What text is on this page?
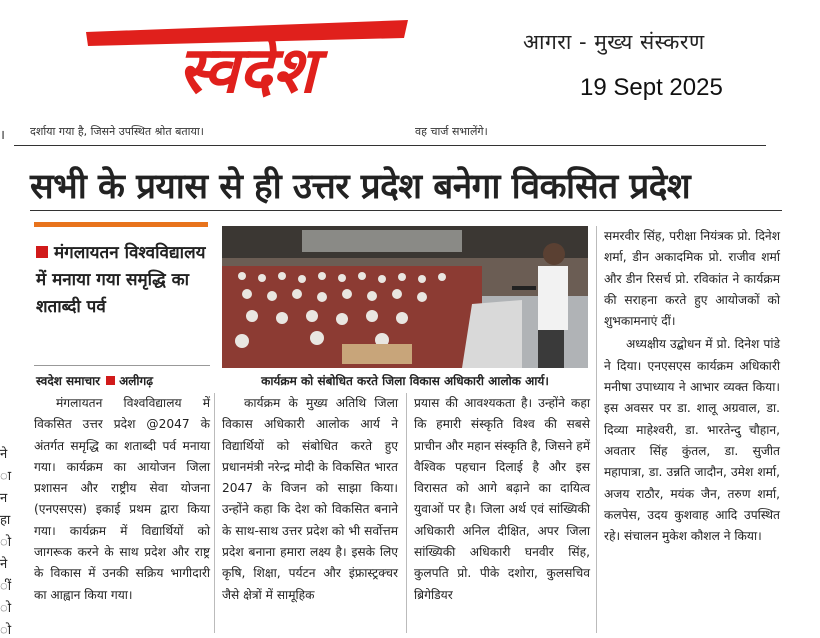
स्वदेश	आगरा - मुख्य संस्करण
19 Sept 2025
दर्शाया गया है, जिसने उपस्थित श्रोत बताया।	वह चार्ज सभालेंगे।
सभी के प्रयास से ही उत्तर प्रदेश बनेगा विकसित प्रदेश
मंगलायतन विश्वविद्यालय में मनाया गया समृद्धि का शताब्दी पर्व
स्वदेश समाचार अलीगढ़	कार्यक्रम को संबोधित करते जिला विकास अधिकारी आलोक आर्य।

मंगलायतन विश्वविद्यालय में विकसित उत्तर प्रदेश @2047 के अंतर्गत समृद्धि का शताब्दी पर्व मनाया गया। कार्यक्रम का आयोजन जिला प्रशासन और राष्ट्रीय सेवा योजना (एनएसएस) इकाई प्रथम द्वारा किया गया। कार्यक्रम में विद्यार्थियों को जागरूक करने के साथ प्रदेश और राष्ट्र के विकास में उनकी सक्रिय भागीदारी का आह्वान किया गया।

कार्यक्रम के मुख्य अतिथि जिला विकास अधिकारी आलोक आर्य ने विद्यार्थियों को संबोधित करते हुए प्रधानमंत्री नरेन्द्र मोदी के विकसित भारत 2047 के विजन को साझा किया। उन्होंने कहा कि देश को विकसित बनाने के साथ-साथ उत्तर प्रदेश को भी सर्वोत्तम प्रदेश बनाना हमारा लक्ष्य है। इसके लिए कृषि, शिक्षा, पर्यटन और इंफ्रास्ट्रक्चर जैसे क्षेत्रों में सामूहिक

प्रयास की आवश्यकता है। उन्होंने कहा कि हमारी संस्कृति विश्व की सबसे प्राचीन और महान संस्कृति है, जिसने हमें वैश्विक पहचान दिलाई है और इस विरासत को आगे बढ़ाने का दायित्व युवाओं पर है। जिला अर्थ एवं सांख्यिकी अधिकारी अनिल दीक्षित, अपर जिला सांख्यिकी अधिकारी घनवीर सिंह, कुलपति प्रो. पीके दशोरा, कुलसचिव ब्रिगेडियर

समरवीर सिंह, परीक्षा नियंत्रक प्रो. दिनेश शर्मा, डीन अकादमिक प्रो. राजीव शर्मा और डीन रिसर्च प्रो. रविकांत ने कार्यक्रम की सराहना करते हुए आयोजकों को शुभकामनाएं दीं।

अध्यक्षीय उद्बोधन में प्रो. दिनेश पांडे ने दिया। एनएसएस कार्यक्रम अधिकारी मनीषा उपाध्याय ने आभार व्यक्त किया। इस अवसर पर डा. शालू अग्रवाल, डा. दिव्या माहेश्वरी, डा. भारतेन्दु चौहान, अवतार सिंह कुंतल, डा. सुजीत महापात्रा, डा. उन्नति जादौन, उमेश शर्मा, अजय राठौर, मयंक जैन, तरुण शर्मा, कलपेस, उदय कुशवाह आदि उपस्थित रहे। संचालन मुकेश कौशल ने किया।

।
ने
ा
न
हा
ो
ने
ीं
ो
ो
